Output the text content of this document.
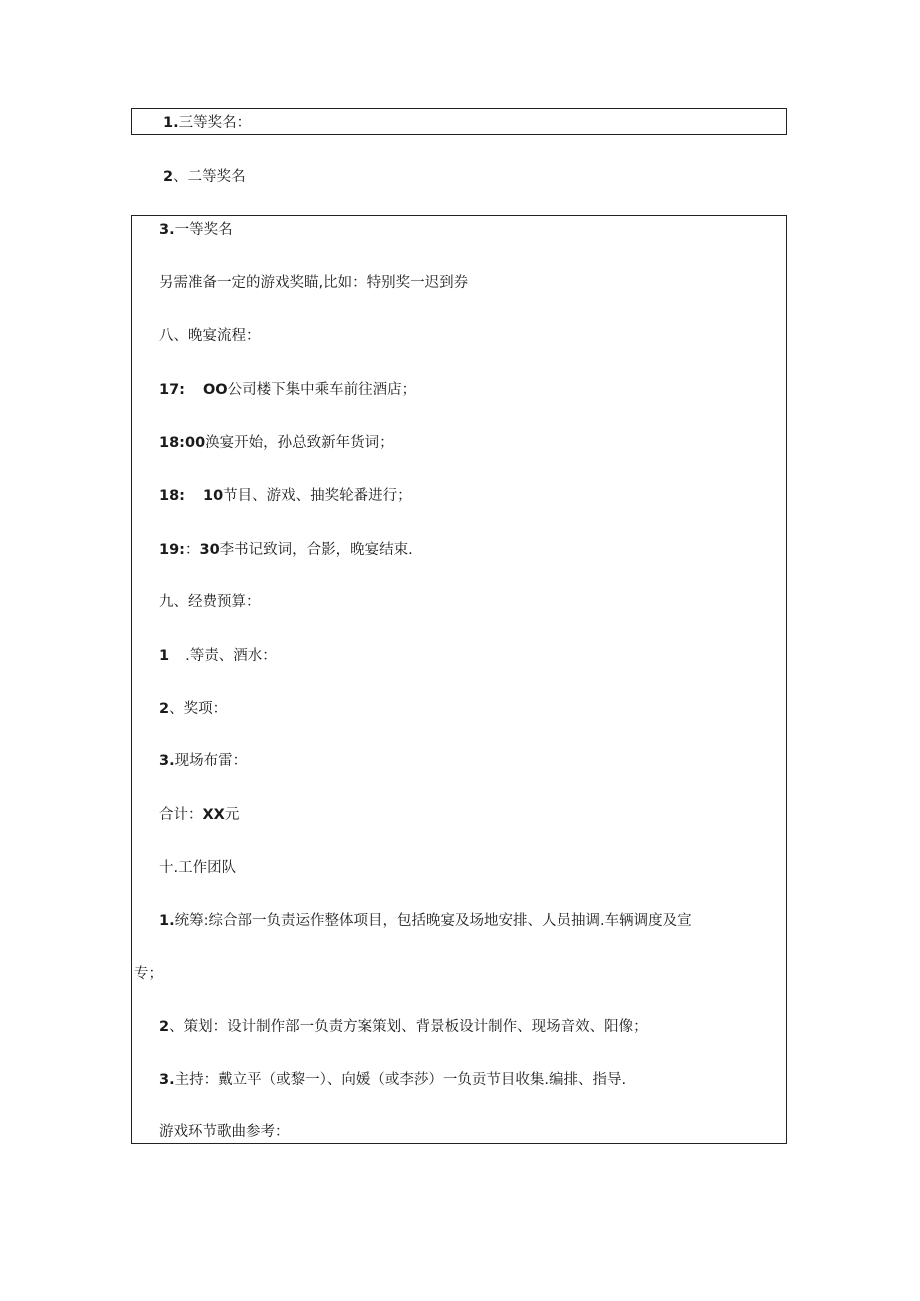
1.三等奖名：
2、二等奖名
3.一等奖名
另需准备一定的游戏奖瞄,比如：特别奖一迟到券
八、晚宴流程：
17: OO公司楼下集中乘车前往酒店；
18:00涣宴开始，孙总致新年货词；
18: 10节目、游戏、抽奖轮番进行；
19:：30李书记致词，合影，晚宴结束.
九、经费预算：
1 .等责、酒水：
2、奖项：
3.现场布雷：
合计：XX元
十.工作团队
1.统筹:综合部一负责运作整体项目，包括晚宴及场地安排、人员抽调.车辆调度及宣
专；
2、策划：设计制作部一负责方案策划、背景板设计制作、现场音效、阳像；
3.主持：戴立平（或黎一）、向媛（或李莎）一负贡节目收集.编排、指导.
游戏环节歌曲参考：
